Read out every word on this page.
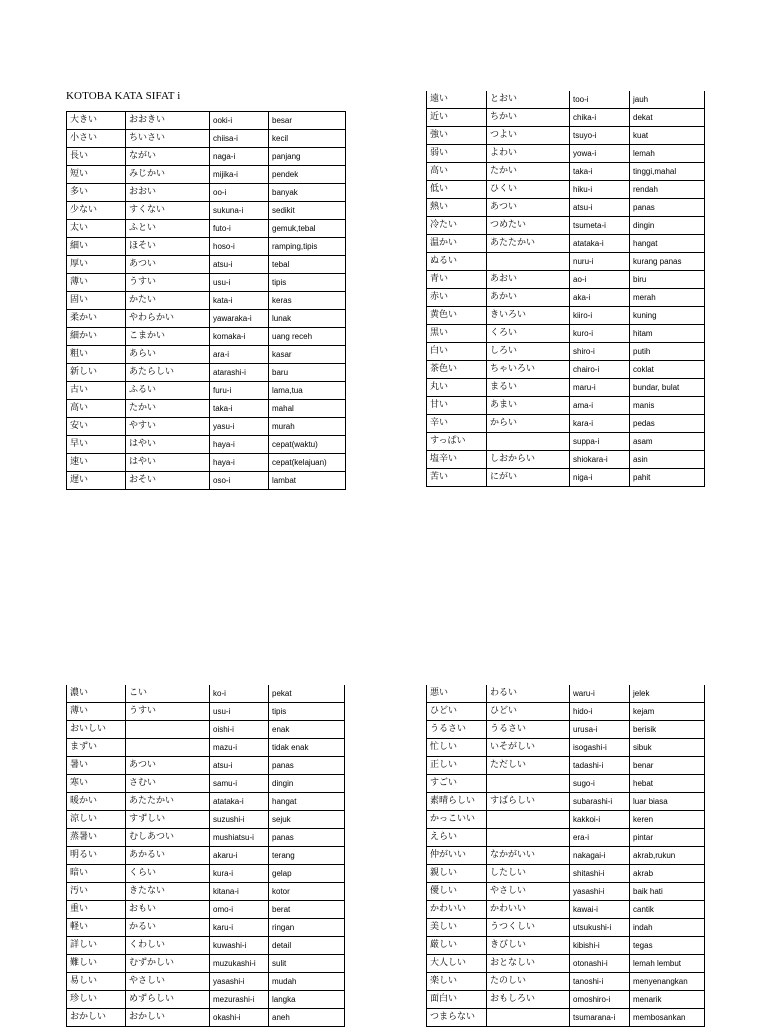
KOTOBA KATA SIFAT i
大きい	おおきい	ooki-i	besar
小さい	ちいさい	chiisa-i	kecil
長い	ながい	naga-i	panjang
短い	みじかい	mijika-i	pendek
多い	おおい	oo-i	banyak
少ない	すくない	sukuna-i	sedikit
太い	ふとい	futo-i	gemuk,tebal
細い	ほそい	hoso-i	ramping,tipis
厚い	あつい	atsu-i	tebal
薄い	うすい	usu-i	tipis
固い	かたい	kata-i	keras
柔かい	やわらかい	yawaraka-i	lunak
細かい	こまかい	komaka-i	uang receh
粗い	あらい	ara-i	kasar
新しい	あたらしい	atarashi-i	baru
古い	ふるい	furu-i	lama,tua
高い	たかい	taka-i	mahal
安い	やすい	yasu-i	murah
早い	はやい	haya-i	cepat(waktu)
速い	はやい	haya-i	cepat(kelajuan)
遅い	おそい	oso-i	lambat
遠い	とおい	too-i	jauh
近い	ちかい	chika-i	dekat
強い	つよい	tsuyo-i	kuat
弱い	よわい	yowa-i	lemah
高い	たかい	taka-i	tinggi,mahal
低い	ひくい	hiku-i	rendah
熱い	あつい	atsu-i	panas
冷たい	つめたい	tsumeta-i	dingin
温かい	あたたかい	atataka-i	hangat
ぬるい		nuru-i	kurang panas
青い	あおい	ao-i	biru
赤い	あかい	aka-i	merah
黄色い	きいろい	kiiro-i	kuning
黒い	くろい	kuro-i	hitam
白い	しろい	shiro-i	putih
茶色い	ちゃいろい	chairo-i	coklat
丸い	まるい	maru-i	bundar, bulat
甘い	あまい	ama-i	manis
辛い	からい	kara-i	pedas
すっぱい		suppa-i	asam
塩辛い	しおからい	shiokara-i	asin
苦い	にがい	niga-i	pahit
濃い	こい	ko-i	pekat
薄い	うすい	usu-i	tipis
おいしい		oishi-i	enak
まずい		mazu-i	tidak enak
暑い	あつい	atsu-i	panas
寒い	さむい	samu-i	dingin
暖かい	あたたかい	atataka-i	hangat
涼しい	すずしい	suzushi-i	sejuk
蒸暑い	むしあつい	mushiatsu-i	panas
明るい	あかるい	akaru-i	terang
暗い	くらい	kura-i	gelap
汚い	きたない	kitana-i	kotor
重い	おもい	omo-i	berat
軽い	かるい	karu-i	ringan
詳しい	くわしい	kuwashi-i	detail
難しい	むずかしい	muzukashi-i	sulit
易しい	やさしい	yasashi-i	mudah
珍しい	めずらしい	mezurashi-i	langka
おかしい	おかしい	okashi-i	aneh
悪い	わるい	waru-i	jelek
ひどい	ひどい	hido-i	kejam
うるさい	うるさい	urusa-i	berisik
忙しい	いそがしい	isogashi-i	sibuk
正しい	ただしい	tadashi-i	benar
すごい		sugo-i	hebat
素晴らしい	すばらしい	subarashi-i	luar biasa
かっこいい		kakkoi-i	keren
えらい		era-i	pintar
仲がいい	なかがいい	nakagai-i	akrab,rukun
親しい	したしい	shitashi-i	akrab
優しい	やさしい	yasashi-i	baik hati
かわいい	かわいい	kawai-i	cantik
美しい	うつくしい	utsukushi-i	indah
厳しい	きびしい	kibishi-i	tegas
大人しい	おとなしい	otonashi-i	lemah lembut
楽しい	たのしい	tanoshi-i	menyenangkan
面白い	おもしろい	omoshiro-i	menarik
つまらない		tsumarana-i	membosankan
